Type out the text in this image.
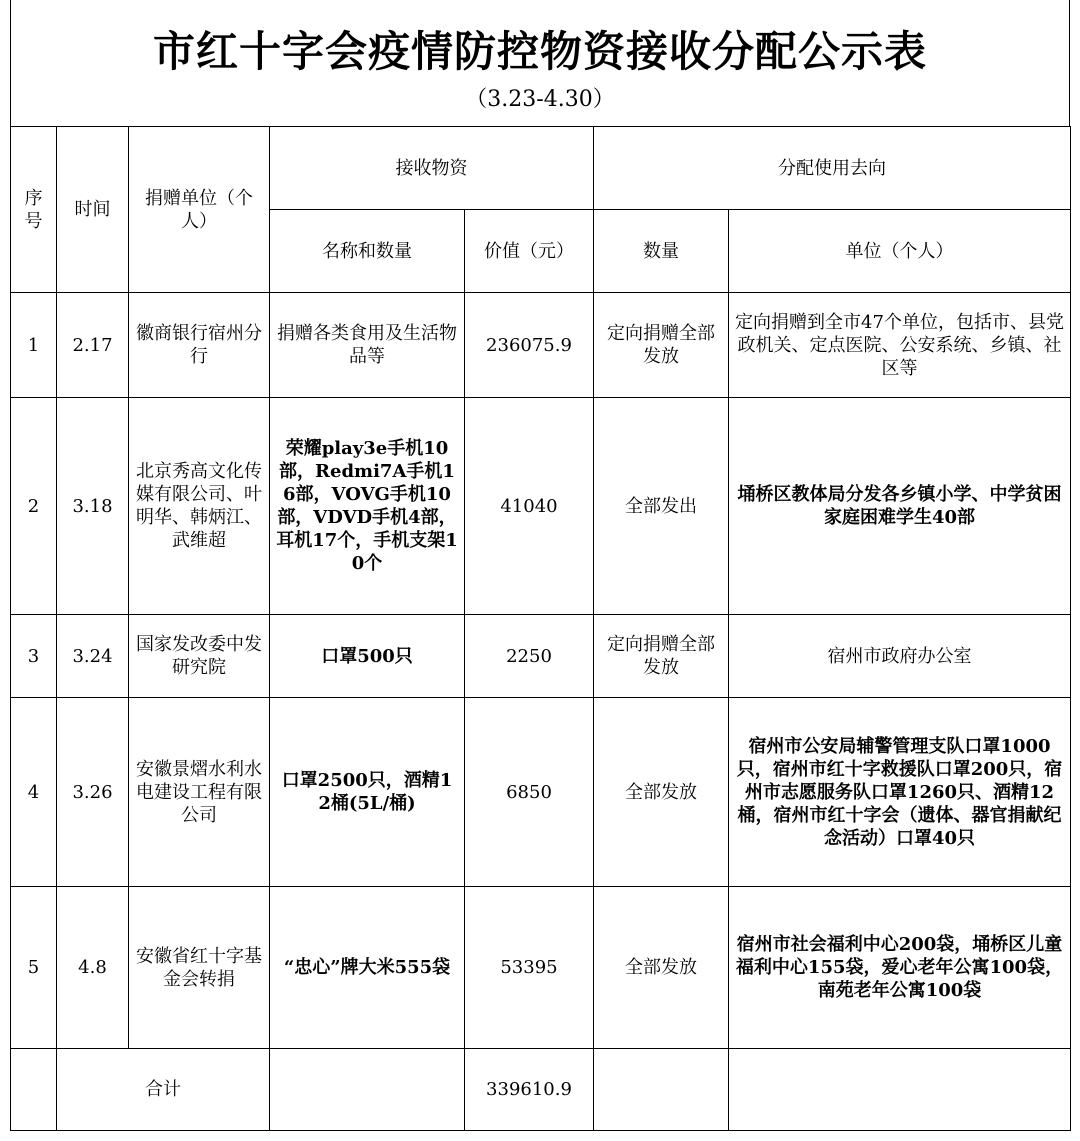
市红十字会疫情防控物资接收分配公示表
（3.23-4.30）
序号	时间	捐赠单位（个人）	接收物资		分配使用去向	
			名称和数量	价值（元）	数量	单位（个人）
1	2.17	徽商银行宿州分行	捐赠各类食用及生活物品等	236075.9	定向捐赠全部发放	定向捐赠到全市47个单位，包括市、县党政机关、定点医院、公安系统、乡镇、社区等
2	3.18	北京秀高文化传媒有限公司、叶明华、韩炳江、武维超	荣耀play3e手机10部，Redmi7A手机16部，VOVG手机10部，VDVD手机4部，耳机17个，手机支架10个	41040	全部发出	埇桥区教体局分发各乡镇小学、中学贫困家庭困难学生40部
3	3.24	国家发改委中发研究院	口罩500只	2250	定向捐赠全部发放	宿州市政府办公室
4	3.26	安徽景熠水利水电建设工程有限公司	口罩2500只，酒精12桶(5L/桶)	6850	全部发放	宿州市公安局辅警管理支队口罩1000只，宿州市红十字救援队口罩200只，宿州市志愿服务队口罩1260只、酒精12桶，宿州市红十字会（遗体、器官捐献纪念活动）口罩40只
5	4.8	安徽省红十字基金会转捐	“忠心”牌大米555袋	53395	全部发放	宿州市社会福利中心200袋，埇桥区儿童福利中心155袋，爱心老年公寓100袋，南苑老年公寓100袋
	合计			339610.9		
